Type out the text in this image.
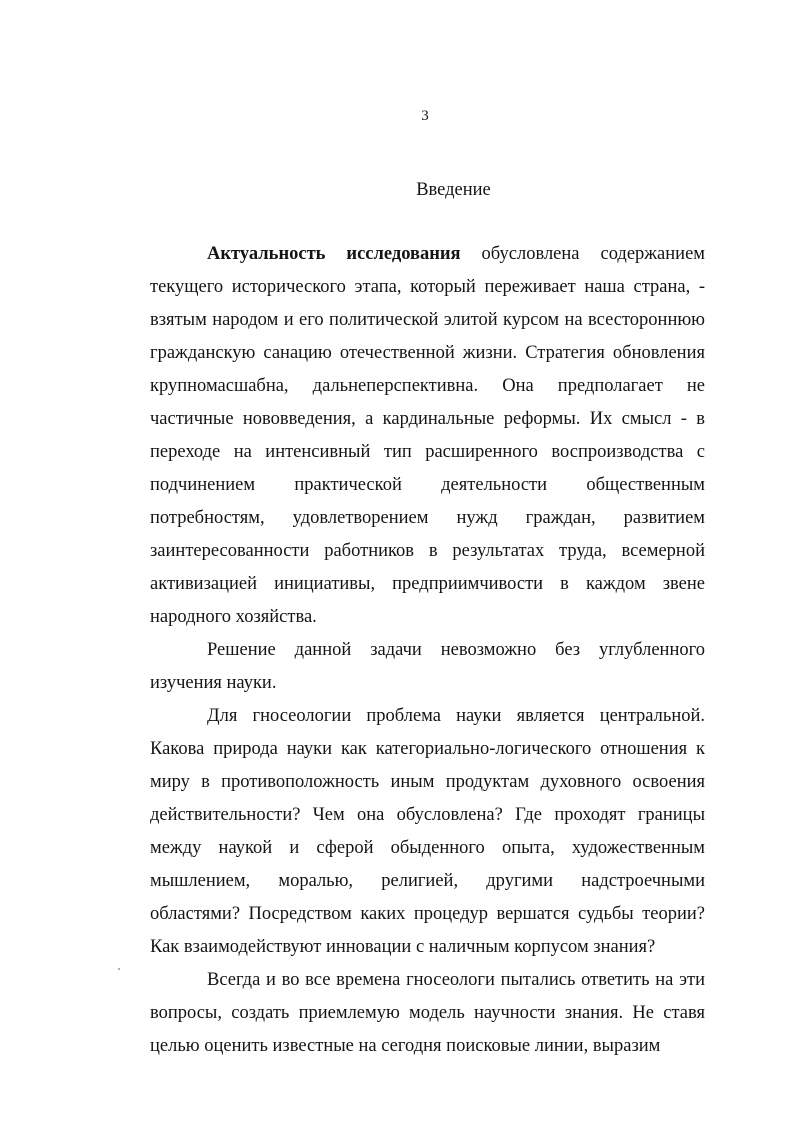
3
Введение

Актуальность исследования обусловлена содержанием текущего исторического этапа, который переживает наша страна, - взятым народом и его политической элитой курсом на всестороннюю гражданскую санацию отечественной жизни. Стратегия обновления крупномасшабна, дальнеперспективна. Она предполагает не частичные нововведения, а кардинальные реформы. Их смысл - в переходе на интенсивный тип расширенного воспроизводства с подчинением практической деятельности общественным потребностям, удовлетворением нужд граждан, развитием заинтересованности работников в результатах труда, всемерной активизацией инициативы, предприимчивости в каждом звене народного хозяйства.

Решение данной задачи невозможно без углубленного изучения науки.

Для гносеологии проблема науки является центральной. Какова природа науки как категориально-логического отношения к миру в противоположность иным продуктам духовного освоения действительности? Чем она обусловлена? Где проходят границы между наукой и сферой обыденного опыта, художественным мышлением, моралью, религией, другими надстроечными областями? Посредством каких процедур вершатся судьбы теории? Как взаимодействуют инновации с наличным корпусом знания?

Всегда и во все времена гносеологи пытались ответить на эти вопросы, создать приемлемую модель научности знания. Не ставя целью оценить известные на сегодня поисковые линии, выразим
